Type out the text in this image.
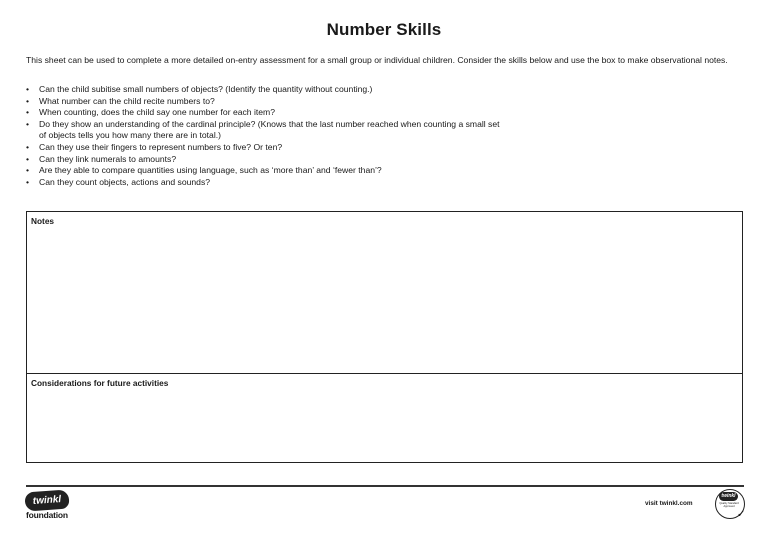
Number Skills
This sheet can be used to complete a more detailed on-entry assessment for a small group or individual children. Consider the skills below and use the box to make observational notes.
• Can the child subitise small numbers of objects? (Identify the quantity without counting.)
• What number can the child recite numbers to?
• When counting, does the child say one number for each item?
• Do they show an understanding of the cardinal principle? (Knows that the last number reached when counting a small set of objects tells you how many there are in total.)
• Can they use their fingers to represent numbers to five? Or ten?
• Can they link numerals to amounts?
• Are they able to compare quantities using language, such as ‘more than’ and ‘fewer than’?
• Can they count objects, actions and sounds?
Notes
Considerations for future activities
twinkl
foundation
visit twinkl.com
twinkl
Quality Standard Approved
✓
